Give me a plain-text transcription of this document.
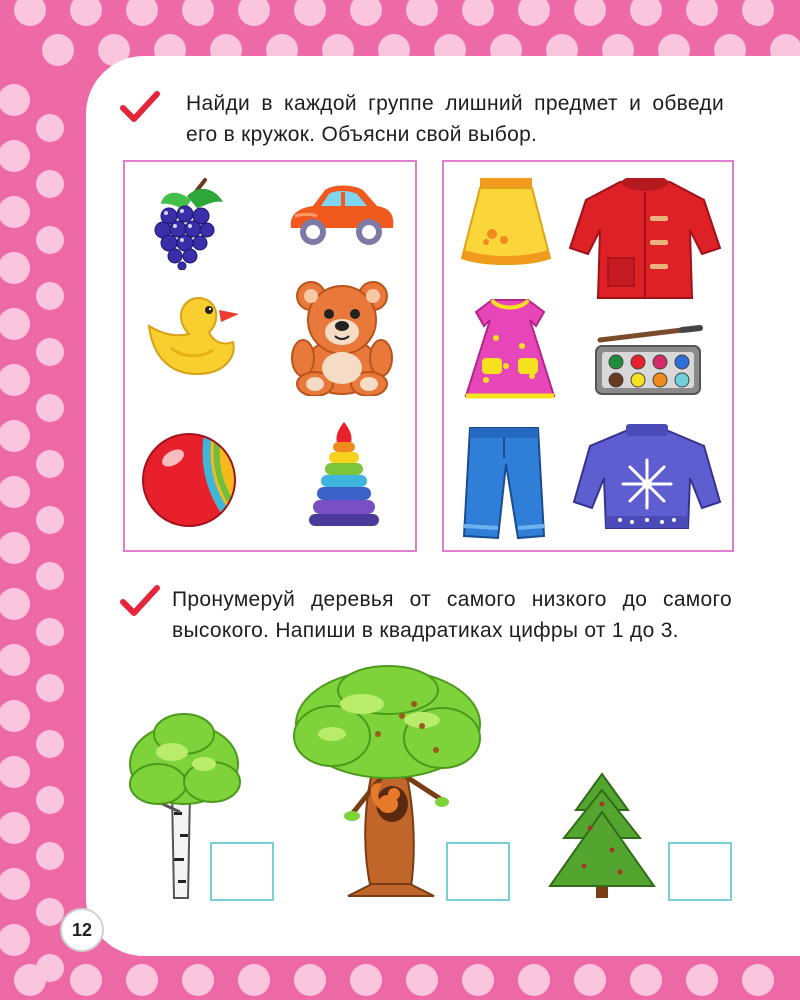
Найди в каждой группе лишний предмет и обведи его в кружок. Объясни свой выбор.
Пронумеруй деревья от самого низкого до самого высокого. Напиши в квадратиках цифры от 1 до 3.
12
